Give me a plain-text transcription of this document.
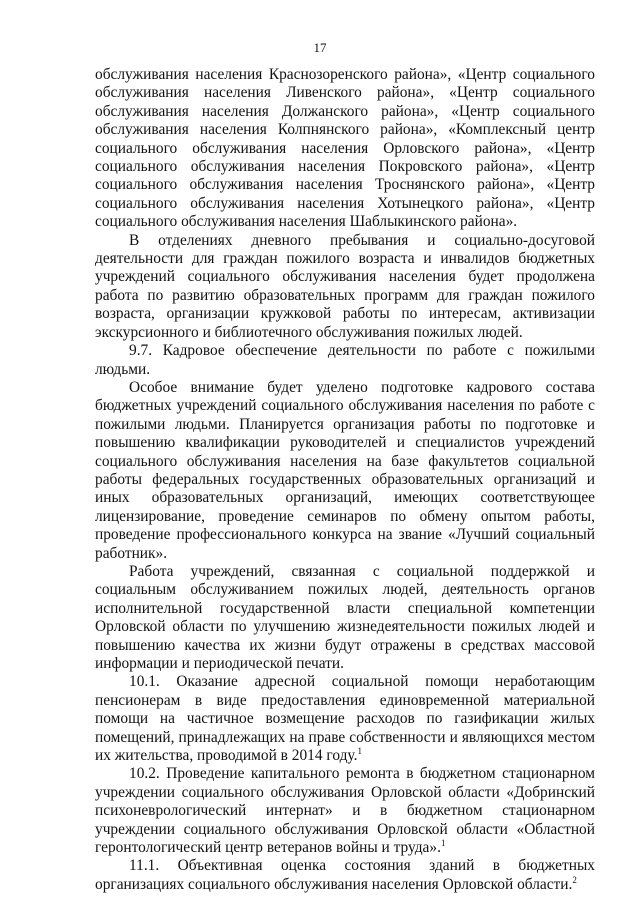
17

обслуживания населения Краснозоренского района», «Центр социального обслуживания населения Ливенского района», «Центр социального обслуживания населения Должанского района», «Центр социального обслуживания населения Колпнянского района», «Комплексный центр социального обслуживания населения Орловского района», «Центр социального обслуживания населения Покровского района», «Центр социального обслуживания населения Троснянского района», «Центр социального обслуживания населения Хотынецкого района», «Центр социального обслуживания населения Шаблыкинского района».

В отделениях дневного пребывания и социально-досуговой деятельности для граждан пожилого возраста и инвалидов бюджетных учреждений социального обслуживания населения будет продолжена работа по развитию образовательных программ для граждан пожилого возраста, организации кружковой работы по интересам, активизации экскурсионного и библиотечного обслуживания пожилых людей.

9.7. Кадровое обеспечение деятельности по работе с пожилыми людьми.

Особое внимание будет уделено подготовке кадрового состава бюджетных учреждений социального обслуживания населения по работе с пожилыми людьми. Планируется организация работы по подготовке и повышению квалификации руководителей и специалистов учреждений социального обслуживания населения на базе факультетов социальной работы федеральных государственных образовательных организаций и иных образовательных организаций, имеющих соответствующее лицензирование, проведение семинаров по обмену опытом работы, проведение профессионального конкурса на звание «Лучший социальный работник».

Работа учреждений, связанная с социальной поддержкой и социальным обслуживанием пожилых людей, деятельность органов исполнительной государственной власти специальной компетенции Орловской области по улучшению жизнедеятельности пожилых людей и повышению качества их жизни будут отражены в средствах массовой информации и периодической печати.

10.1. Оказание адресной социальной помощи неработающим пенсионерам в виде предоставления единовременной материальной помощи на частичное возмещение расходов по газификации жилых помещений, принадлежащих на праве собственности и являющихся местом их жительства, проводимой в 2014 году.$^1$

10.2. Проведение капитального ремонта в бюджетном стационарном учреждении социального обслуживания Орловской области «Добринский психоневрологический интернат» и в бюджетном стационарном учреждении социального обслуживания Орловской области «Областной геронтологический центр ветеранов войны и труда».$^1$

11.1. Объективная оценка состояния зданий в бюджетных организациях социального обслуживания населения Орловской области.$^2$
